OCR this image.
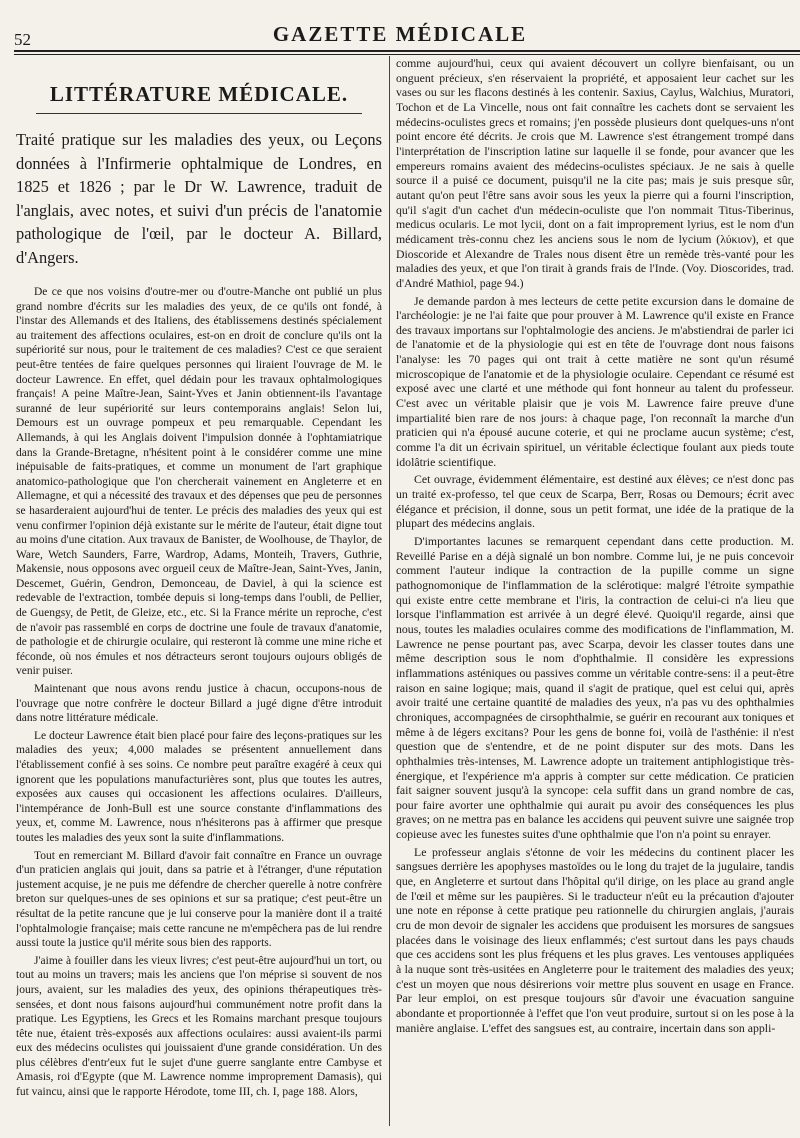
52	GAZETTE MÉDICALE
LITTÉRATURE MÉDICALE.
Traité pratique sur les maladies des yeux, ou Leçons données à l'Infirmerie ophtalmique de Londres, en 1825 et 1826 ; par le Dr W. Lawrence, traduit de l'anglais, avec notes, et suivi d'un précis de l'anatomie pathologique de l'œil, par le docteur A. Billard, d'Angers.

De ce que nos voisins d'outre-mer ou d'outre-Manche ont publié un plus grand nombre d'écrits sur les maladies des yeux, de ce qu'ils ont fondé, à l'instar des Allemands et des Italiens, des établissemens destinés spécialement au traitement des affections oculaires, est-on en droit de conclure qu'ils ont la supériorité sur nous, pour le traitement de ces maladies? C'est ce que seraient peut-être tentées de faire quelques personnes qui liraient l'ouvrage de M. le docteur Lawrence. En effet, quel dédain pour les travaux ophtalmologiques français! A peine Maître-Jean, Saint-Yves et Janin obtiennent-ils l'avantage suranné de leur supériorité sur leurs contemporains anglais! Selon lui, Demours est un ouvrage pompeux et peu remarquable. Cependant les Allemands, à qui les Anglais doivent l'impulsion donnée à l'ophtamiatrique dans la Grande-Bretagne, n'hésitent point à le considérer comme une mine inépuisable de faits-pratiques, et comme un monument de l'art graphique anatomico-pathologique que l'on chercherait vainement en Angleterre et en Allemagne, et qui a nécessité des travaux et des dépenses que peu de personnes se hasarderaient aujourd'hui de tenter. Le précis des maladies des yeux qui est venu confirmer l'opinion déjà existante sur le mérite de l'auteur, était digne tout au moins d'une citation. Aux travaux de Banister, de Woolhouse, de Thaylor, de Ware, Wetch Saunders, Farre, Wardrop, Adams, Monteih, Travers, Guthrie, Makensie, nous opposons avec orgueil ceux de Maître-Jean, Saint-Yves, Janin, Descemet, Guérin, Gendron, Demonceau, de Daviel, à qui la science est redevable de l'extraction, tombée depuis si long-temps dans l'oubli, de Pellier, de Guengsy, de Petit, de Gleize, etc., etc. Si la France mérite un reproche, c'est de n'avoir pas rassemblé en corps de doctrine une foule de travaux d'anatomie, de pathologie et de chirurgie oculaire, qui resteront là comme une mine riche et féconde, où nos émules et nos détracteurs seront toujours oujours obligés de venir puiser.

Maintenant que nous avons rendu justice à chacun, occupons-nous de l'ouvrage que notre confrère le docteur Billard a jugé digne d'être introduit dans notre littérature médicale.

Le docteur Lawrence était bien placé pour faire des leçons-pratiques sur les maladies des yeux; 4,000 malades se présentent annuellement dans l'établissement confié à ses soins. Ce nombre peut paraître exagéré à ceux qui ignorent que les populations manufacturières sont, plus que toutes les autres, exposées aux causes qui occasionent les affections oculaires. D'ailleurs, l'intempérance de Jonh-Bull est une source constante d'inflammations des yeux, et, comme M. Lawrence, nous n'hésiterons pas à affirmer que presque toutes les maladies des yeux sont la suite d'inflammations.

Tout en remerciant M. Billard d'avoir fait connaître en France un ouvrage d'un praticien anglais qui jouit, dans sa patrie et à l'étranger, d'une réputation justement acquise, je ne puis me défendre de chercher querelle à notre confrère breton sur quelques-unes de ses opinions et sur sa pratique; c'est peut-être un résultat de la petite rancune que je lui conserve pour la manière dont il a traité l'ophtalmologie française; mais cette rancune ne m'empêchera pas de lui rendre aussi toute la justice qu'il mérite sous bien des rapports.

J'aime à fouiller dans les vieux livres; c'est peut-être aujourd'hui un tort, ou tout au moins un travers; mais les anciens que l'on méprise si souvent de nos jours, avaient, sur les maladies des yeux, des opinions thérapeutiques très-sensées, et dont nous faisons aujourd'hui communément notre profit dans la pratique. Les Egyptiens, les Grecs et les Romains marchant presque toujours tête nue, étaient très-exposés aux affections oculaires: aussi avaient-ils parmi eux des médecins oculistes qui jouissaient d'une grande considération. Un des plus célèbres d'entr'eux fut le sujet d'une guerre sanglante entre Cambyse et Amasis, roi d'Egypte (que M. Lawrence nomme improprement Damasis), qui fut vaincu, ainsi que le rapporte Hérodote, tome III, ch. I, page 188. Alors,

comme aujourd'hui, ceux qui avaient découvert un collyre bienfaisant, ou un onguent précieux, s'en réservaient la propriété, et apposaient leur cachet sur les vases ou sur les flacons destinés à les contenir. Saxius, Caylus, Walchius, Muratori, Tochon et de La Vincelle, nous ont fait connaître les cachets dont se servaient les médecins-oculistes grecs et romains; j'en possède plusieurs dont quelques-uns n'ont point encore été décrits. Je crois que M. Lawrence s'est étrangement trompé dans l'interprétation de l'inscription latine sur laquelle il se fonde, pour avancer que les empereurs romains avaient des médecins-oculistes spéciaux. Je ne sais à quelle source il a puisé ce document, puisqu'il ne la cite pas; mais je suis presque sûr, autant qu'on peut l'être sans avoir sous les yeux la pierre qui a fourni l'inscription, qu'il s'agit d'un cachet d'un médecin-oculiste que l'on nommait Titus-Tiberinus, medicus ocularis. Le mot lycii, dont on a fait improprement lyrius, est le nom d'un médicament très-connu chez les anciens sous le nom de lycium (λύκιον), et que Dioscoride et Alexandre de Trales nous disent être un remède très-vanté pour les maladies des yeux, et que l'on tirait à grands frais de l'Inde. (Voy. Dioscorides, trad. d'André Mathiol, page 94.)

Je demande pardon à mes lecteurs de cette petite excursion dans le domaine de l'archéologie: je ne l'ai faite que pour prouver à M. Lawrence qu'il existe en France des travaux importans sur l'ophtalmologie des anciens. Je m'abstiendrai de parler ici de l'anatomie et de la physiologie qui est en tête de l'ouvrage dont nous faisons l'analyse: les 70 pages qui ont trait à cette matière ne sont qu'un résumé microscopique de l'anatomie et de la physiologie oculaire. Cependant ce résumé est exposé avec une clarté et une méthode qui font honneur au talent du professeur. C'est avec un véritable plaisir que je vois M. Lawrence faire preuve d'une impartialité bien rare de nos jours: à chaque page, l'on reconnaît la marche d'un praticien qui n'a épousé aucune coterie, et qui ne proclame aucun système; c'est, comme l'a dit un écrivain spirituel, un véritable éclectique foulant aux pieds toute idolâtrie scientifique.

Cet ouvrage, évidemment élémentaire, est destiné aux élèves; ce n'est donc pas un traité ex-professo, tel que ceux de Scarpa, Berr, Rosas ou Demours; écrit avec élégance et précision, il donne, sous un petit format, une idée de la pratique de la plupart des médecins anglais.

D'importantes lacunes se remarquent cependant dans cette production. M. Reveillé Parise en a déjà signalé un bon nombre. Comme lui, je ne puis concevoir comment l'auteur indique la contraction de la pupille comme un signe pathognomonique de l'inflammation de la sclérotique: malgré l'étroite sympathie qui existe entre cette membrane et l'iris, la contraction de celui-ci n'a lieu que lorsque l'inflammation est arrivée à un degré élevé. Quoiqu'il regarde, ainsi que nous, toutes les maladies oculaires comme des modifications de l'inflammation, M. Lawrence ne pense pourtant pas, avec Scarpa, devoir les classer toutes dans une même description sous le nom d'ophthalmie. Il considère les expressions inflammations asténiques ou passives comme un véritable contre-sens: il a peut-être raison en saine logique; mais, quand il s'agit de pratique, quel est celui qui, après avoir traité une certaine quantité de maladies des yeux, n'a pas vu des ophthalmies chroniques, accompagnées de cirsophthalmie, se guérir en recourant aux toniques et même à de légers excitans? Pour les gens de bonne foi, voilà de l'asthénie: il n'est question que de s'entendre, et de ne point disputer sur des mots. Dans les ophthalmies très-intenses, M. Lawrence adopte un traitement antiphlogistique très-énergique, et l'expérience m'a appris à compter sur cette médication. Ce praticien fait saigner souvent jusqu'à la syncope: cela suffit dans un grand nombre de cas, pour faire avorter une ophthalmie qui aurait pu avoir des conséquences les plus graves; on ne mettra pas en balance les accidens qui peuvent suivre une saignée trop copieuse avec les funestes suites d'une ophthalmie que l'on n'a point su enrayer.

Le professeur anglais s'étonne de voir les médecins du continent placer les sangsues derrière les apophyses mastoïdes ou le long du trajet de la jugulaire, tandis que, en Angleterre et surtout dans l'hôpital qu'il dirige, on les place au grand angle de l'œil et même sur les paupières. Si le traducteur n'eût eu la précaution d'ajouter une note en réponse à cette pratique peu rationnelle du chirurgien anglais, j'aurais cru de mon devoir de signaler les accidens que produisent les morsures de sangsues placées dans le voisinage des lieux enflammés; c'est surtout dans les pays chauds que ces accidens sont les plus fréquens et les plus graves. Les ventouses appliquées à la nuque sont très-usitées en Angleterre pour le traitement des maladies des yeux; c'est un moyen que nous désirerions voir mettre plus souvent en usage en France. Par leur emploi, on est presque toujours sûr d'avoir une évacuation sanguine abondante et proportionnée à l'effet que l'on veut produire, surtout si on les pose à la manière anglaise. L'effet des sangsues est, au contraire, incertain dans son appli-
